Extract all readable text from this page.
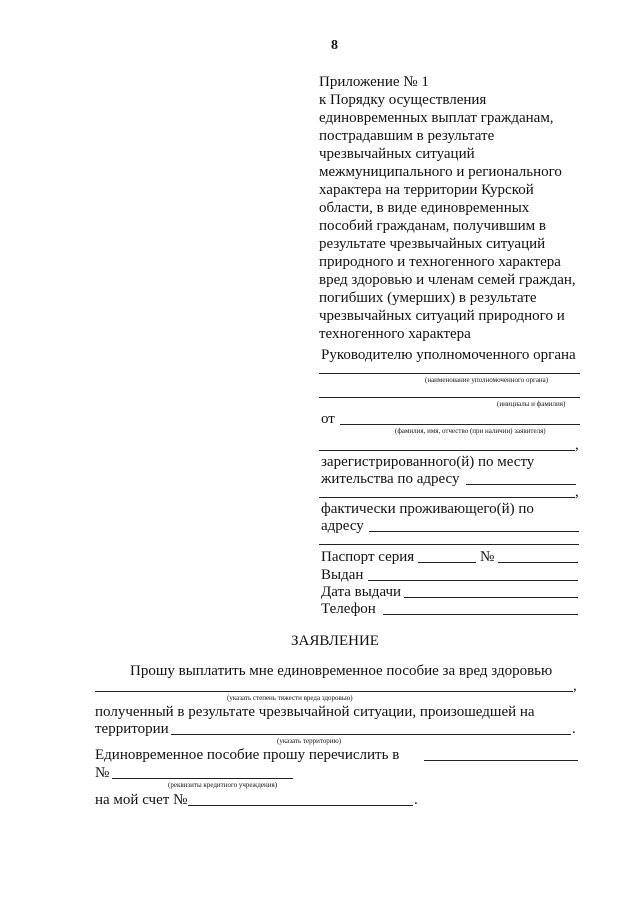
8
Приложение № 1
к Порядку осуществления
единовременных выплат гражданам,
пострадавшим в результате
чрезвычайных ситуаций
межмуниципального и регионального
характера на территории Курской
области, в виде единовременных
пособий гражданам, получившим в
результате чрезвычайных ситуаций
природного и техногенного характера
вред здоровью и членам семей граждан,
погибших (умерших) в результате
чрезвычайных ситуаций природного и
техногенного характера
Руководителю уполномоченного органа
(наименование уполномоченного органа)
(инициалы и фамилия)
от
(фамилия, имя, отчество (при наличии) заявителя)
,
зарегистрированного(й) по месту
жительства по адресу
,
фактически проживающего(й) по
адресу
Паспорт серия	№
Выдан
Дата выдачи
Телефон
ЗАЯВЛЕНИЕ
Прошу выплатить мне единовременное пособие за вред здоровью
,
(указать степень тяжести вреда здоровью)
полученный в результате чрезвычайной ситуации, произошедшей на
территории	.
(указать территорию)
Единовременное пособие прошу перечислить в
№
(реквизиты кредитного учреждения)
на мой счет №	.
